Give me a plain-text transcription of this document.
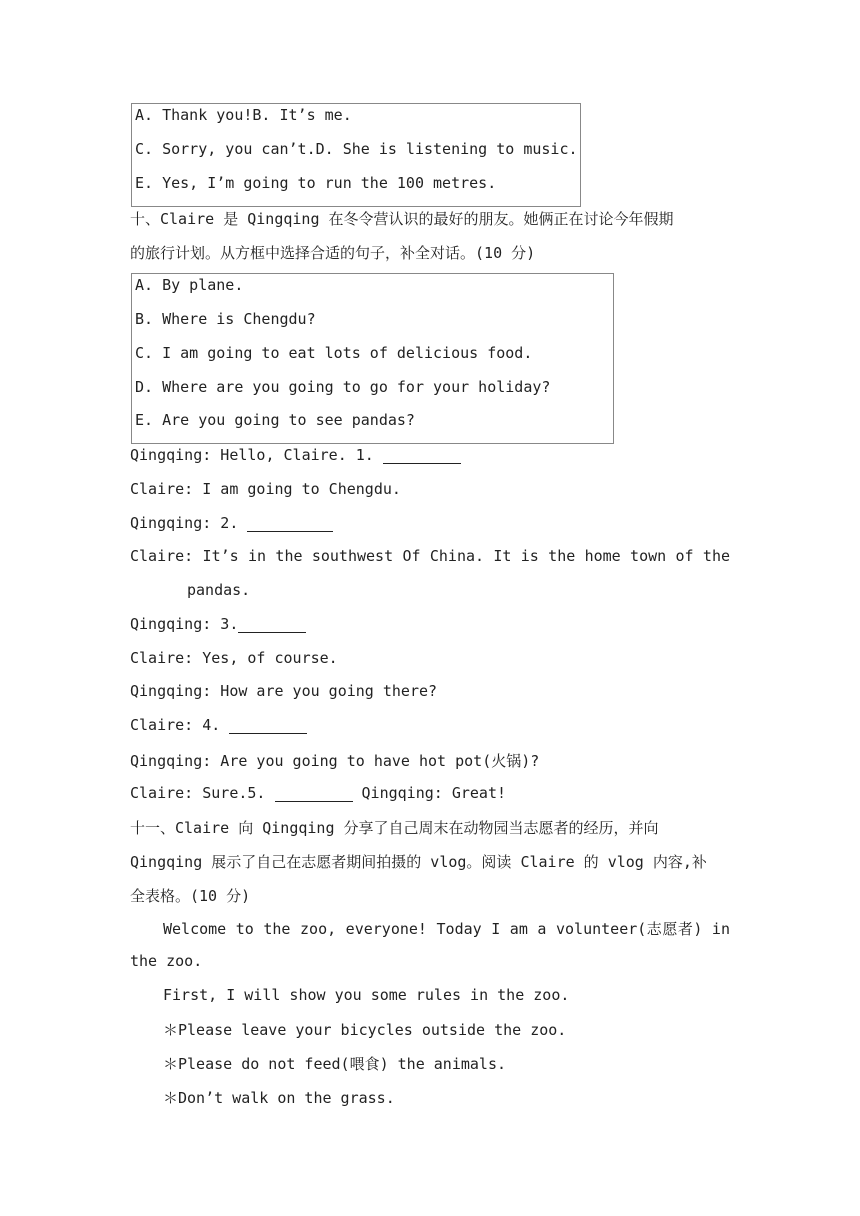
A. Thank you!B. It’s me.
C. Sorry, you can’t.D. She is listening to music.
E. Yes, I’m going to run the 100 metres.
十、Claire 是 Qingqing 在冬令营认识的最好的朋友。她俩正在讨论今年假期
的旅行计划。从方框中选择合适的句子，补全对话。(10 分)
A. By plane.
B. Where is Chengdu?
C. I am going to eat lots of delicious food.
D. Where are you going to go for your holiday?
E. Are you going to see pandas?
Qingqing: Hello, Claire. 1.
Claire: I am going to Chengdu.
Qingqing: 2.
Claire: It’s in the southwest Of China. It is the home town of the
pandas.
Qingqing: 3.
Claire: Yes, of course.
Qingqing: How are you going there?
Claire: 4.
Qingqing: Are you going to have hot pot(火锅)?
Claire: Sure.5.	Qingqing: Great!
十一、Claire 向 Qingqing 分享了自己周末在动物园当志愿者的经历，并向
Qingqing 展示了自己在志愿者期间拍摄的 vlog。阅读 Claire 的 vlog 内容,补
全表格。(10 分)
Welcome to the zoo, everyone! Today I am a volunteer(志愿者) in
the zoo.
First, I will show you some rules in the zoo.
＊Please leave your bicycles outside the zoo.
＊Please do not feed(喂食) the animals.
＊Don’t walk on the grass.
